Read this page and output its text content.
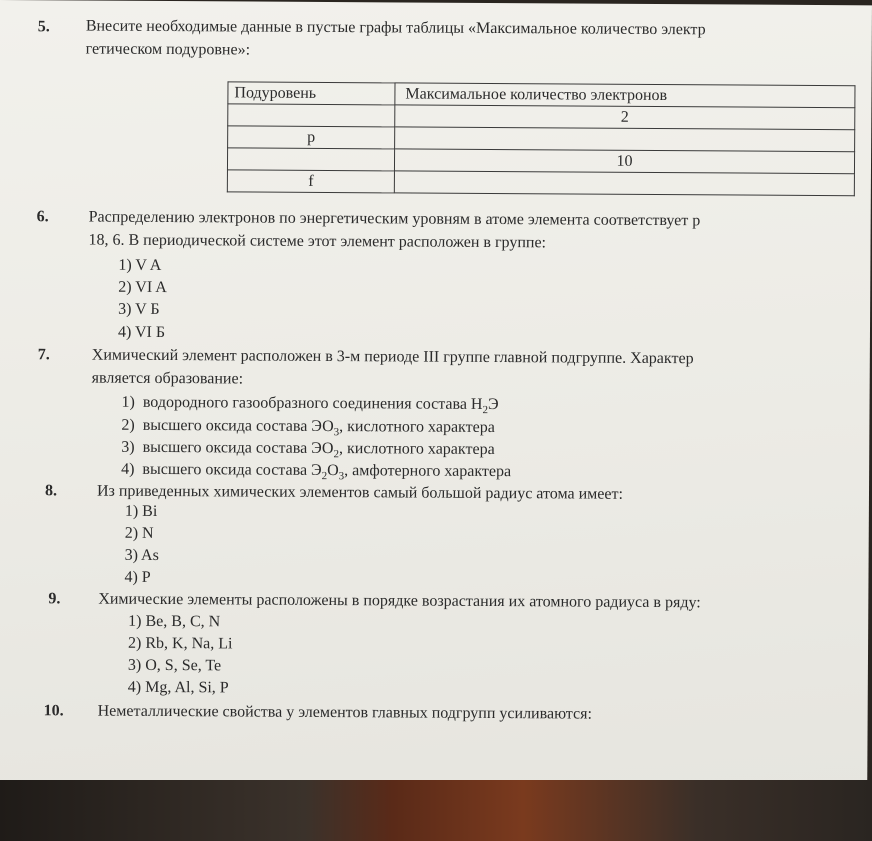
5. Внесите необходимые данные в пустые графы таблицы «Максимальное количество электр
гетическом подуровне»:
Подуровень	Максимальное количество электронов
	2
p	
	10
f	
6. Распределению электронов по энергетическим уровням в атоме элемента соответствует р
18, 6. В периодической системе этот элемент расположен в группе:
1) V A
2) VI A
3) V Б
4) VI Б
7.	Химический элемент расположен в 3-м периоде III группе главной подгруппе. Характер
является образование:
1) водородного газообразного соединения состава $H_2Э$
2) высшего оксида состава $ЭО_3$, кислотного характера
3) высшего оксида состава $ЭО_2$, кислотного характера
4) высшего оксида состава $Э_2О_3$, амфотерного характера
8. Из приведенных химических элементов самый большой радиус атома имеет:
1) Bi
2) N
3) As
4) P
9. Химические элементы расположены в порядке возрастания их атомного радиуса в ряду:
1) Be, B, C, N
2) Rb, K, Na, Li
3) O, S, Se, Te
4) Mg, Al, Si, P
10. Неметаллические свойства у элементов главных подгрупп усиливаются:
